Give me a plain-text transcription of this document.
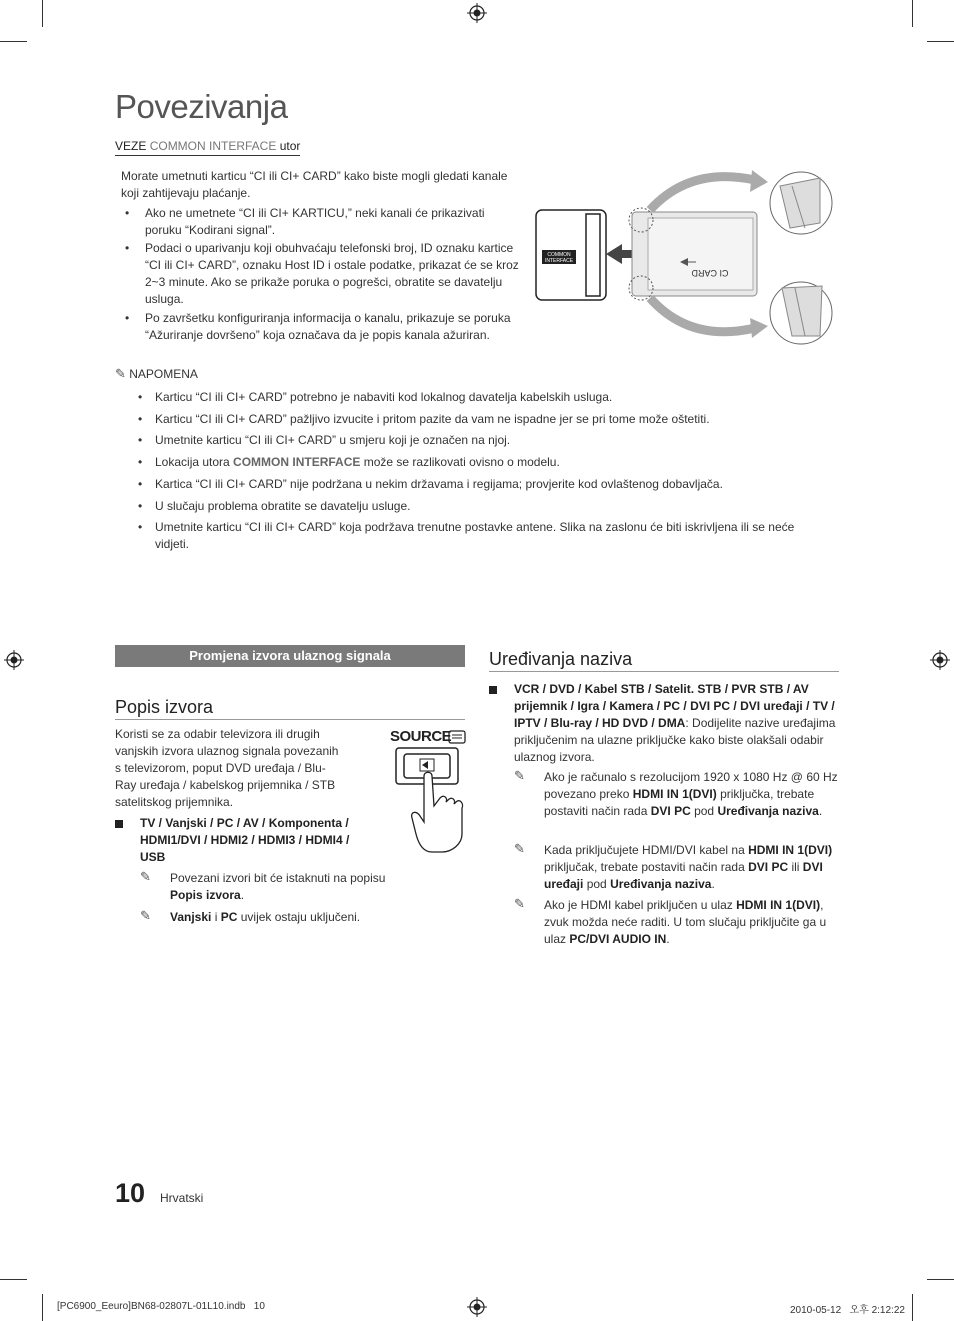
Povezivanja
VEZE COMMON INTERFACE utor
Morate umetnuti karticu “CI ili CI+ CARD” kako biste mogli gledati kanale koji zahtijevaju plaćanje.
• Ako ne umetnete “CI ili CI+ KARTICU,” neki kanali će prikazivati poruku “Kodirani signal”.
• Podaci o uparivanju koji obuhvaćaju telefonski broj, ID oznaku kartice “CI ili CI+ CARD”, oznaku Host ID i ostale podatke, prikazat će se kroz 2~3 minute. Ako se prikaže poruka o pogrešci, obratite se davatelju usluga.
• Po završetku konfiguriranja informacija o kanalu, prikazuje se poruka “Ažuriranje dovršeno” koja označava da je popis kanala ažuriran.
COMMON
INTERFACE
CI CARD
✎ NAPOMENA
• Karticu “CI ili CI+ CARD” potrebno je nabaviti kod lokalnog davatelja kabelskih usluga.
• Karticu “CI ili CI+ CARD” pažljivo izvucite i pritom pazite da vam ne ispadne jer se pri tome može oštetiti.
• Umetnite karticu “CI ili CI+ CARD” u smjeru koji je označen na njoj.
• Lokacija utora COMMON INTERFACE može se razlikovati ovisno o modelu.
• Kartica “CI ili CI+ CARD” nije podržana u nekim državama i regijama; provjerite kod ovlaštenog dobavljača.
• U slučaju problema obratite se davatelju usluge.
• Umetnite karticu “CI ili CI+ CARD” koja podržava trenutne postavke antene. Slika na zaslonu će biti iskrivljena ili se neće vidjeti.
Promjena izvora ulaznog signala
Popis izvora
Koristi se za odabir televizora ili drugih vanjskih izvora ulaznog signala povezanih s televizorom, poput DVD uređaja / Blu-Ray uređaja / kabelskog prijemnika / STB satelitskog prijemnika.
SOURCE
TV / Vanjski / PC / AV / Komponenta / HDMI1/DVI / HDMI2 / HDMI3 / HDMI4 / USB
✎ Povezani izvori bit će istaknuti na popisu Popis izvora.
✎ Vanjski i PC uvijek ostaju uključeni.
Uređivanja naziva
VCR / DVD / Kabel STB / Satelit. STB / PVR STB / AV prijemnik / Igra / Kamera / PC / DVI PC / DVI uređaji / TV / IPTV / Blu-ray / HD DVD / DMA: Dodijelite nazive uređajima priključenim na ulazne priključke kako biste olakšali odabir ulaznog izvora.
✎ Ako je računalo s rezolucijom 1920 x 1080 Hz @ 60 Hz povezano preko HDMI IN 1(DVI) priključka, trebate postaviti način rada DVI PC pod Uređivanja naziva.
✎ Kada priključujete HDMI/DVI kabel na HDMI IN 1(DVI) priključak, trebate postaviti način rada DVI PC ili DVI uređaji pod Uređivanja naziva.
✎ Ako je HDMI kabel priključen u ulaz HDMI IN 1(DVI), zvuk možda neće raditi. U tom slučaju priključite ga u ulaz PC/DVI AUDIO IN.
10 Hrvatski
[PC6900_Eeuro]BN68-02807L-01L10.indb   10	2010-05-12   오후 2:12:22
